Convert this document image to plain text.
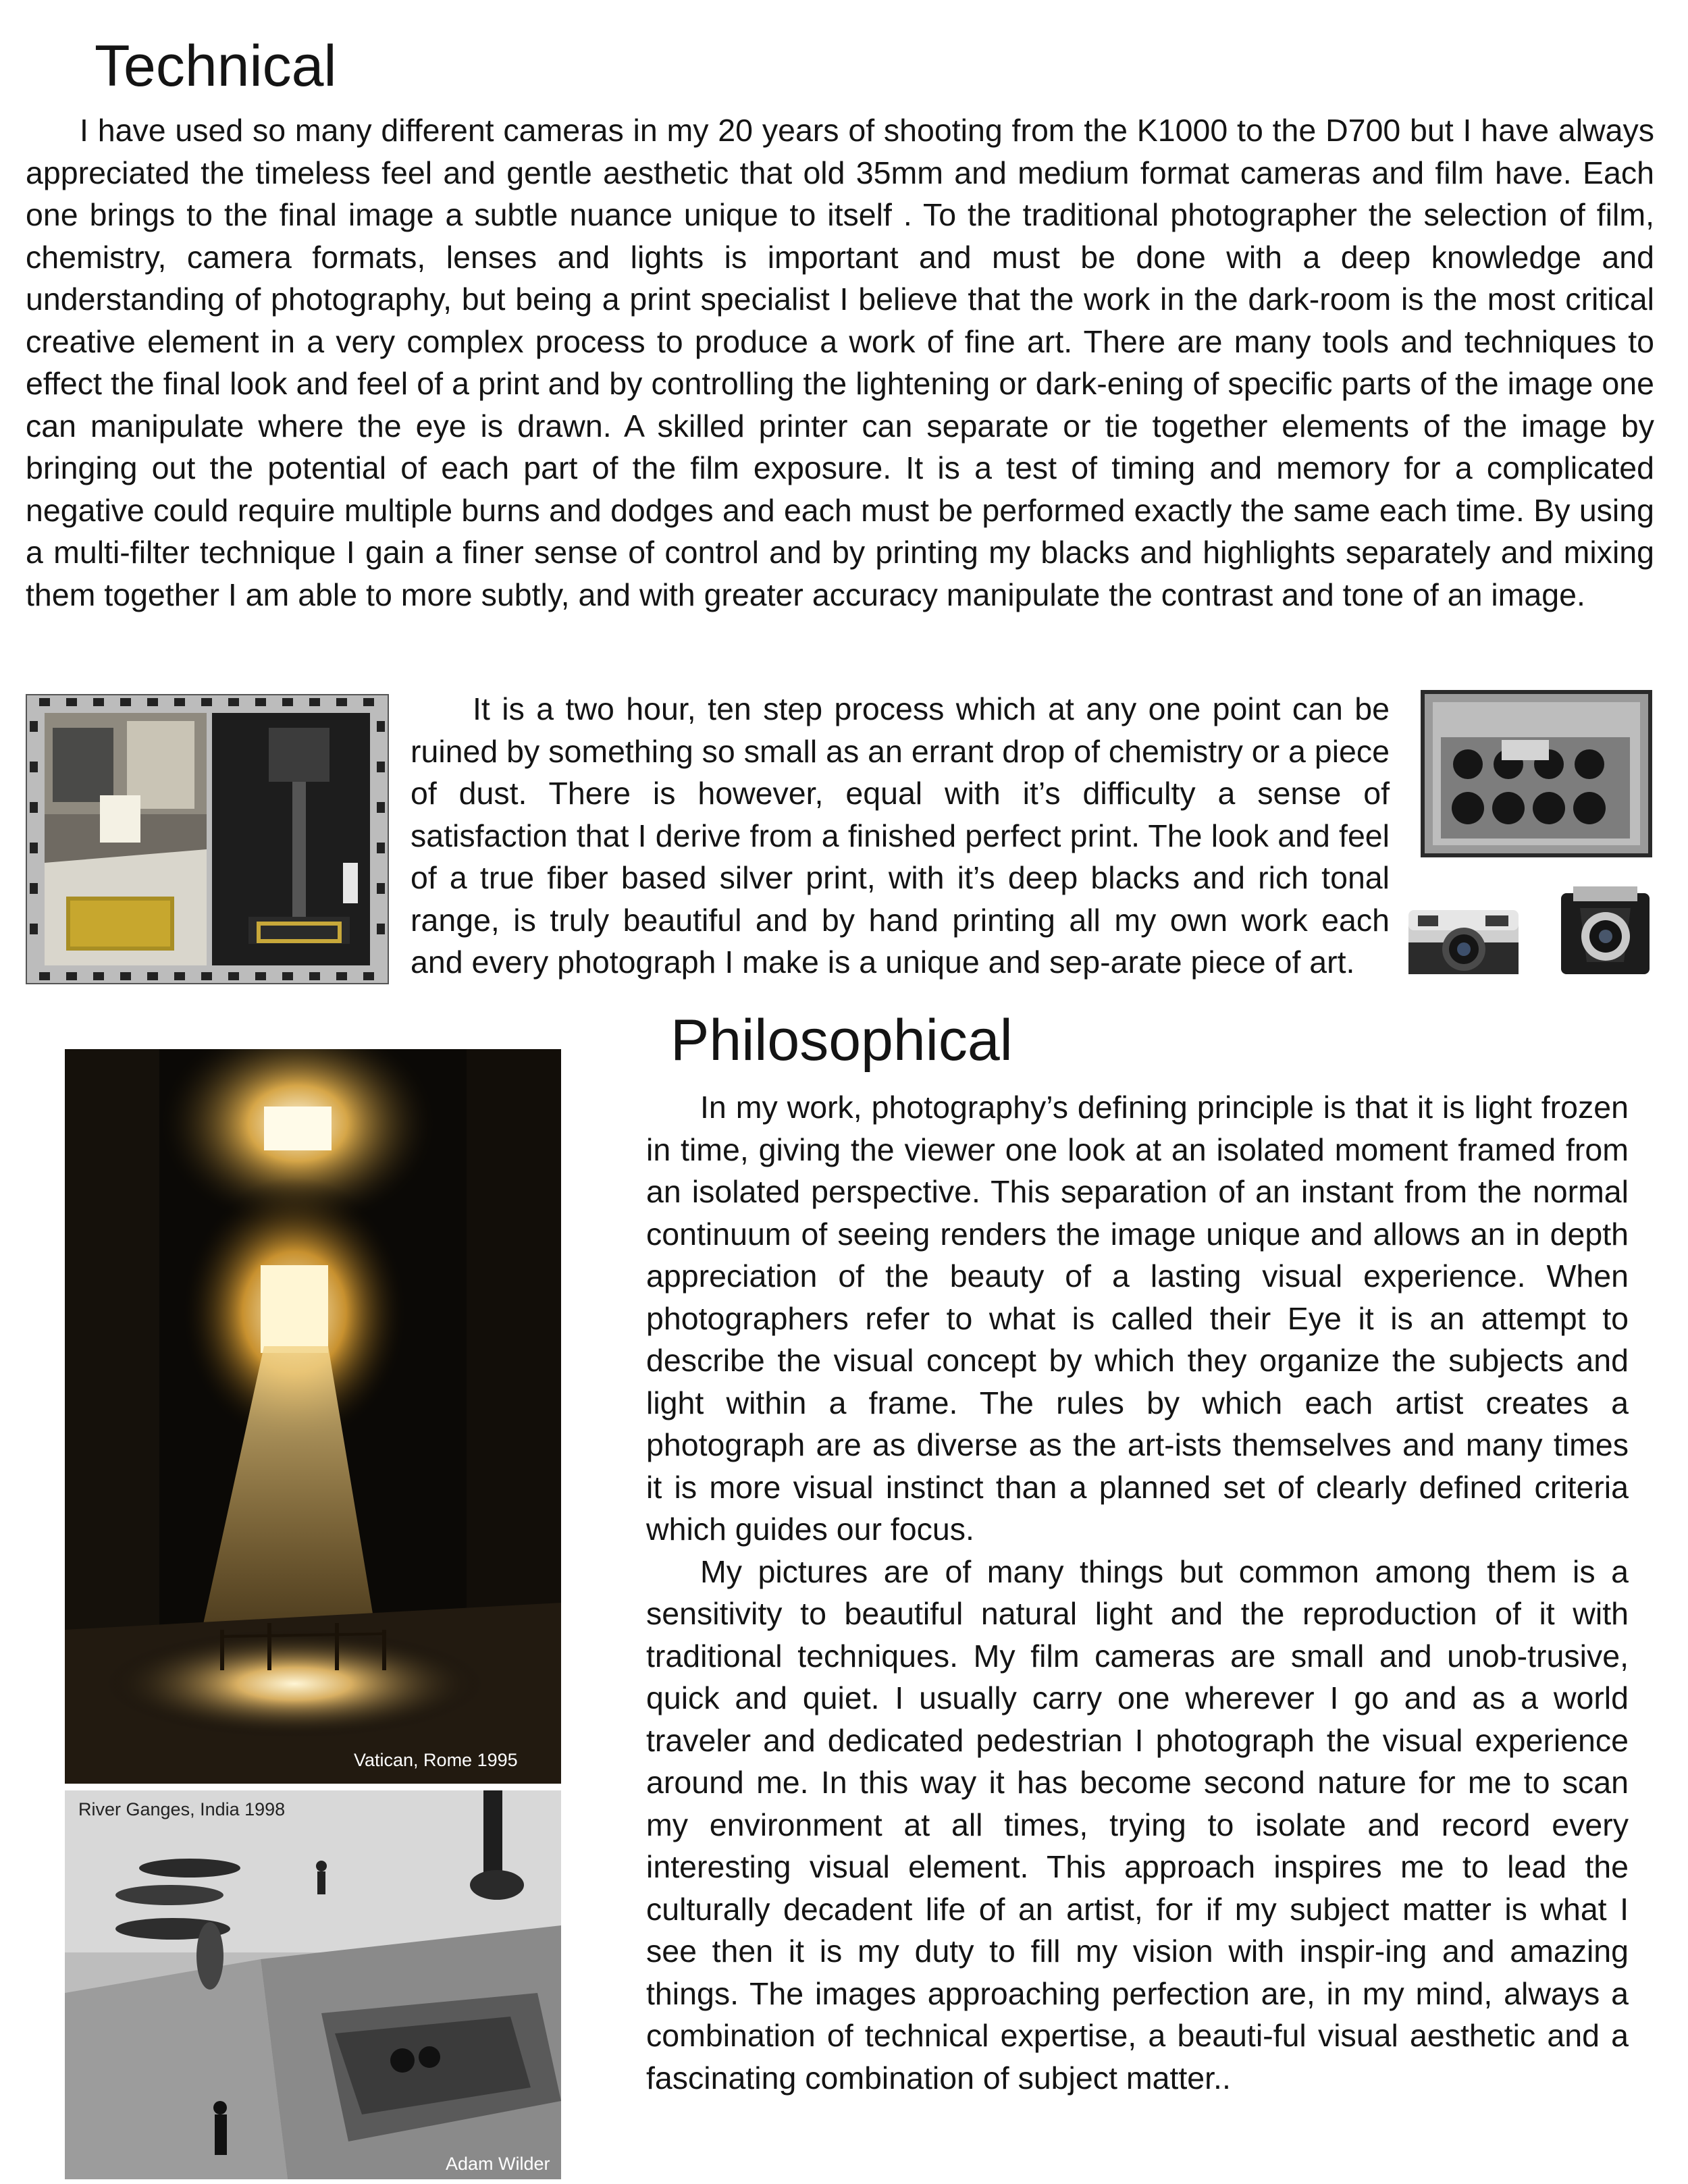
Technical

I have used so many different cameras in my 20 years of shooting from the K1000 to the D700 but I have always appreciated the timeless feel and gentle aesthetic that old 35mm and medium format cameras and film have. Each one brings to the final image a subtle nuance unique to itself . To the traditional photographer the selection of film, chemistry, camera formats, lenses and lights is important and must be done with a deep knowledge and understanding of photography, but being a print specialist I believe that the work in the dark-room is the most critical creative element in a very complex process to produce a work of fine art. There are many tools and techniques to effect the final look and feel of a print and by controlling the lightening or dark-ening of specific parts of the image one can manipulate where the eye is drawn. A skilled printer can separate or tie together elements of the image by bringing out the potential of each part of the film exposure. It is a test of timing and memory for a complicated negative could require multiple burns and dodges and each must be performed exactly the same each time. By using a multi-filter technique I gain a finer sense of control and by printing my blacks and highlights separately and mixing them together I am able to more subtly, and with greater accuracy manipulate the contrast and tone of an image.

It is a two hour, ten step process which at any one point can be ruined by something so small as an errant drop of chemistry or a piece of dust. There is however, equal with it’s difficulty a sense of satisfaction that I derive from a finished perfect print. The look and feel of a true fiber based silver print, with it’s deep blacks and rich tonal range, is truly beautiful and by hand printing all my own work each and every photograph I make is a unique and sep-arate piece of art.

Philosophical

In my work, photography’s defining principle is that it is light frozen in time, giving the viewer one look at an isolated moment framed from an isolated perspective. This separation of an instant from the normal continuum of seeing renders the image unique and allows an in depth appreciation of the beauty of a lasting visual experience. When photographers refer to what is called their Eye it is an attempt to describe the visual concept by which they organize the subjects and light within a frame. The rules by which each artist creates a photograph are as diverse as the art-ists themselves and many times it is more visual instinct than a planned set of clearly defined criteria which guides our focus.

My pictures are of many things but common among them is a sensitivity to beautiful natural light and the reproduction of it with traditional techniques. My film cameras are small and unob-trusive, quick and quiet. I usually carry one wherever I go and as a world traveler and dedicated pedestrian I photograph the visual experience around me. In this way it has become second nature for me to scan my environment at all times, trying to isolate and record every interesting visual element. This approach inspires me to lead the culturally decadent life of an artist, for if my subject matter is what I see then it is my duty to fill my vision with inspir-ing and amazing things. The images approaching perfection are, in my mind, always a combination of technical expertise, a beauti-ful visual aesthetic and a fascinating combination of subject matter..

Vatican, Rome 1995
River Ganges, India 1998
Adam Wilder
